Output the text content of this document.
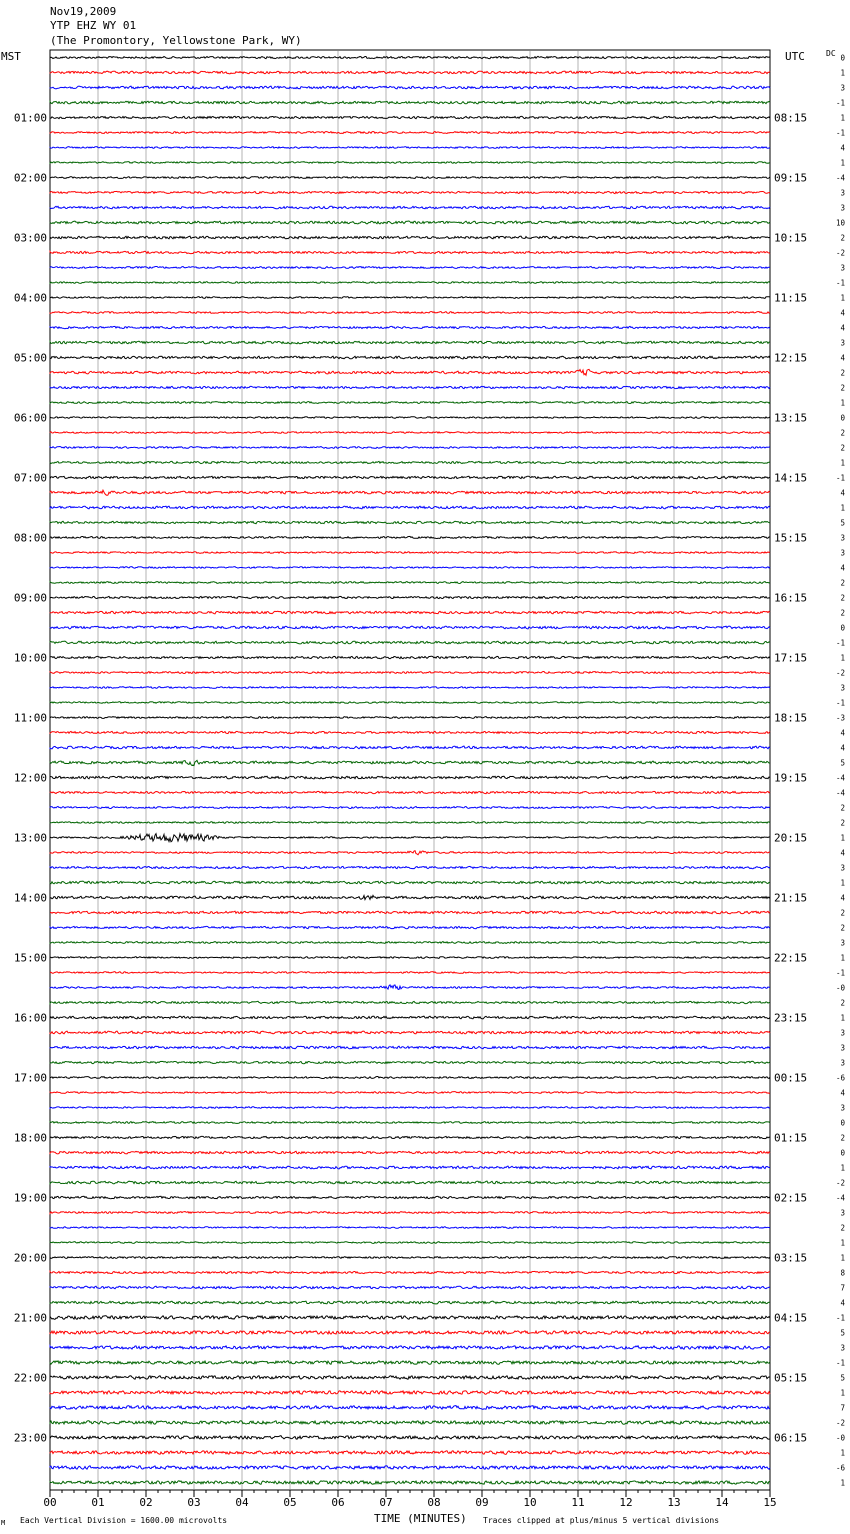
Nov19,2009
YTP EHZ WY 01
(The Promontory, Yellowstone Park, WY)
MST	UTC	DC
00	01	02	03	04	05	06	07	08	09	10	11	12	13	14	15
0
1
3
-1
01:00	08:15	1
-1
4
1
02:00	09:15	-4
3
3
10
03:00	10:15	2
-2
3
-1
04:00	11:15	1
4
4
3
05:00	12:15	4
2
2
1
06:00	13:15	0
2
2
1
07:00	14:15	-1
4
1
5
08:00	15:15	3
3
4
2
09:00	16:15	2
2
0
-1
10:00	17:15	1
-2
3
-1
11:00	18:15	-3
4
4
5
12:00	19:15	-4
-4
2
2
13:00	20:15	1
4
3
1
14:00	21:15	4
2
2
3
15:00	22:15	1
-1
-0
2
16:00	23:15	1
3
3
3
17:00	00:15	-6
4
3
0
18:00	01:15	2
0
1
-2
19:00	02:15	-4
3
2
1
20:00	03:15	1
8
7
4
21:00	04:15	-1
5
3
-1
22:00	05:15	5
1
7
-2
23:00	06:15	-0
1
-6
1
TIME (MINUTES)
M Each Vertical Division = 1600.00 microvolts	Traces clipped at plus/minus 5 vertical divisions
